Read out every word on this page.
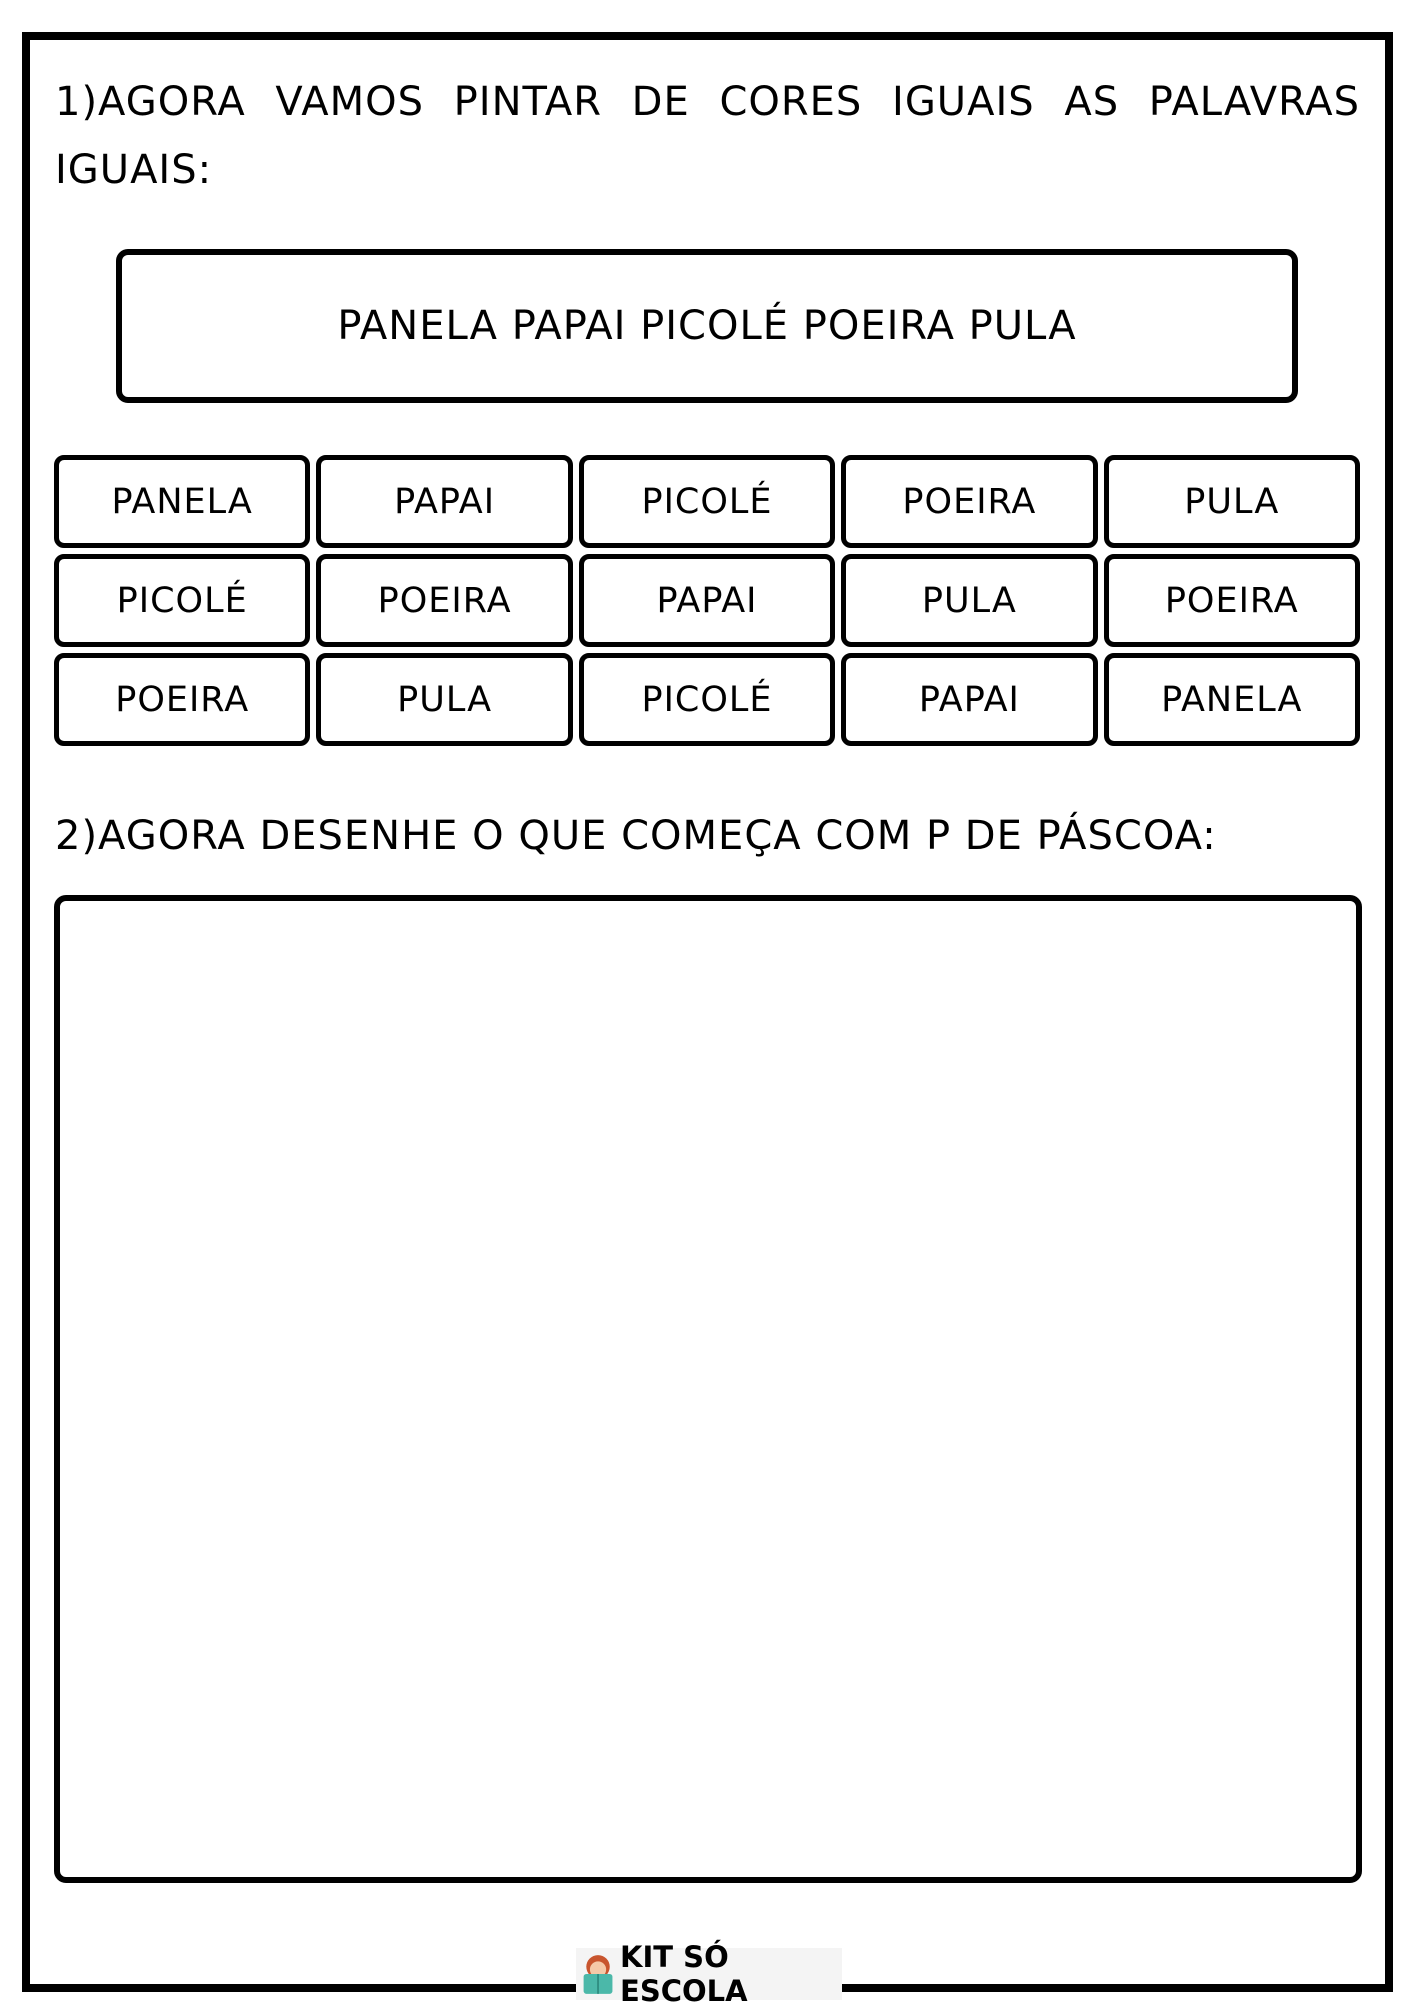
1)AGORA VAMOS PINTAR DE CORES IGUAIS AS PALAVRAS IGUAIS:
PANELA PAPAI PICOLÉ POEIRA PULA
PANELA	PAPAI	PICOLÉ	POEIRA	PULA
PICOLÉ	POEIRA	PAPAI	PULA	POEIRA
POEIRA	PULA	PICOLÉ	PAPAI	PANELA
2)AGORA DESENHE O QUE COMEÇA COM P DE PÁSCOA:
KIT SÓ ESCOLA
